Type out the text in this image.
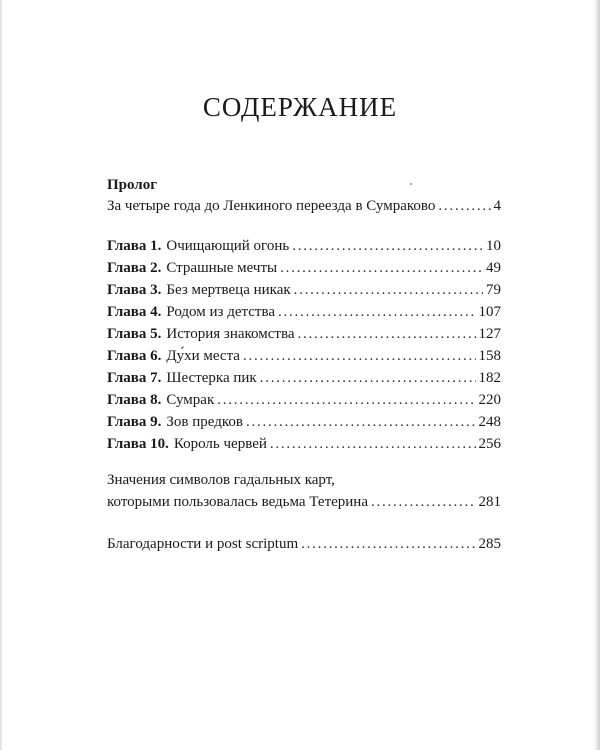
СОДЕРЖАНИЕ
Пролог
За четыре года до Ленкиного переезда в Сумраково . . .	4
Глава 1. Очищающий огонь . . .	10
Глава 2. Страшные мечты . . .	49
Глава 3. Без мертвеца никак . . .	79
Глава 4. Родом из детства . . .	107
Глава 5. История знакомства . . .	127
Глава 6. Ду́хи места . . .	158
Глава 7. Шестерка пик . . .	182
Глава 8. Сумрак . . .	220
Глава 9. Зов предков . . .	248
Глава 10. Король червей . . .	256
Значения символов гадальных карт,
которыми пользовалась ведьма Тетерина . . .	281
Благодарности и post scriptum . . .	285
